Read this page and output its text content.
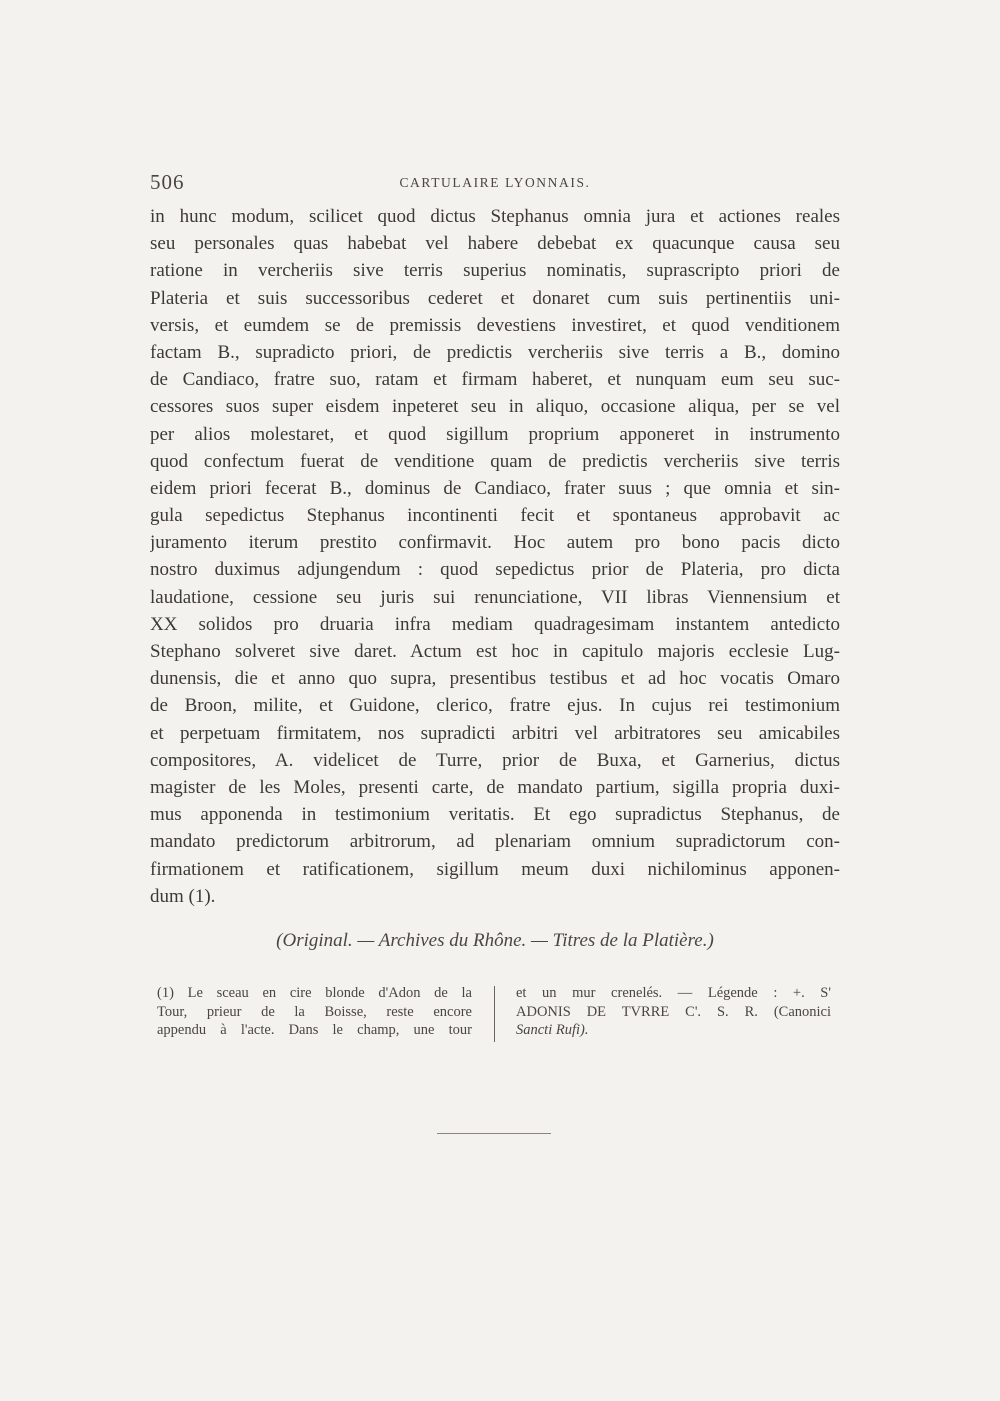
506	CARTULAIRE LYONNAIS.
in hunc modum, scilicet quod dictus Stephanus omnia jura et actiones reales
seu personales quas habebat vel habere debebat ex quacunque causa seu
ratione in vercheriis sive terris superius nominatis, suprascripto priori de
Plateria et suis successoribus cederet et donaret cum suis pertinentiis uni-
versis, et eumdem se de premissis devestiens investiret, et quod venditionem
factam B., supradicto priori, de predictis vercheriis sive terris a B., domino
de Candiaco, fratre suo, ratam et firmam haberet, et nunquam eum seu suc-
cessores suos super eisdem inpeteret seu in aliquo, occasione aliqua, per se vel
per alios molestaret, et quod sigillum proprium apponeret in instrumento
quod confectum fuerat de venditione quam de predictis vercheriis sive terris
eidem priori fecerat B., dominus de Candiaco, frater suus ; que omnia et sin-
gula sepedictus Stephanus incontinenti fecit et spontaneus approbavit ac
juramento iterum prestito confirmavit. Hoc autem pro bono pacis dicto
nostro duximus adjungendum : quod sepedictus prior de Plateria, pro dicta
laudatione, cessione seu juris sui renunciatione, VII libras Viennensium et
XX solidos pro druaria infra mediam quadragesimam instantem antedicto
Stephano solveret sive daret. Actum est hoc in capitulo majoris ecclesie Lug-
dunensis, die et anno quo supra, presentibus testibus et ad hoc vocatis Omaro
de Broon, milite, et Guidone, clerico, fratre ejus. In cujus rei testimonium
et perpetuam firmitatem, nos supradicti arbitri vel arbitratores seu amicabiles
compositores, A. videlicet de Turre, prior de Buxa, et Garnerius, dictus
magister de les Moles, presenti carte, de mandato partium, sigilla propria duxi-
mus apponenda in testimonium veritatis. Et ego supradictus Stephanus, de
mandato predictorum arbitrorum, ad plenariam omnium supradictorum con-
firmationem et ratificationem, sigillum meum duxi nichilominus apponen-
dum (1).
(Original. — Archives du Rhône. — Titres de la Platière.)
(1) Le sceau en cire blonde d'Adon de la
Tour, prieur de la Boisse, reste encore
appendu à l'acte. Dans le champ, une tour
et un mur crenelés. — Légende : +. S'
ADONIS DE TVRRE C'. S. R. (Canonici
Sancti Rufi).
